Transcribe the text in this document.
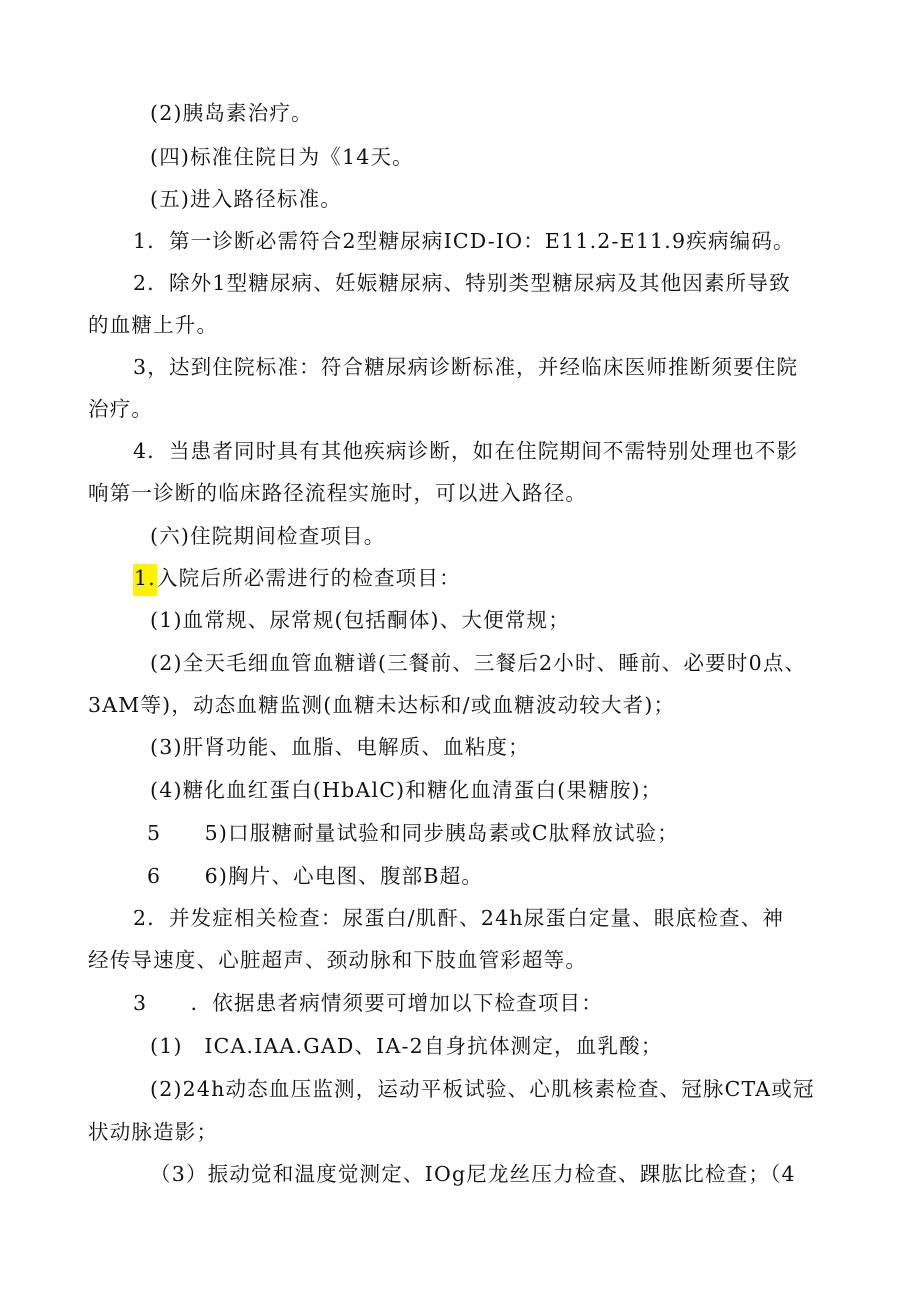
(2)胰岛素治疗。
(四)标准住院日为《14天。
(五)进入路径标准。
1．第一诊断必需符合2型糖尿病ICD-IO：E11.2-E11.9疾病编码。
2．除外1型糖尿病、妊娠糖尿病、特别类型糖尿病及其他因素所导致
的血糖上升。
3，达到住院标准：符合糖尿病诊断标准，并经临床医师推断须要住院
治疗。
4．当患者同时具有其他疾病诊断，如在住院期间不需特别处理也不影
响第一诊断的临床路径流程实施时，可以进入路径。
(六)住院期间检查项目。
1.入院后所必需进行的检查项目：
(1)血常规、尿常规(包括酮体)、大便常规；
(2)全天毛细血管血糖谱(三餐前、三餐后2小时、睡前、必要时0点、
3AM等)，动态血糖监测(血糖未达标和/或血糖波动较大者)；
(3)肝肾功能、血脂、电解质、血粘度；
(4)糖化血红蛋白(HbAlC)和糖化血清蛋白(果糖胺)；
5　　5)口服糖耐量试验和同步胰岛素或C肽释放试验；
6　　6)胸片、心电图、腹部B超。
2．并发症相关检查：尿蛋白/肌酐、24h尿蛋白定量、眼底检查、神
经传导速度、心脏超声、颈动脉和下肢血管彩超等。
3　　．依据患者病情须要可增加以下检查项目：
(1)　ICA.IAA.GAD、IA-2自身抗体测定，血乳酸；
(2)24h动态血压监测，运动平板试验、心肌核素检查、冠脉CTA或冠
状动脉造影；
（3）振动觉和温度觉测定、IOg尼龙丝压力检查、踝肱比检查；（4
